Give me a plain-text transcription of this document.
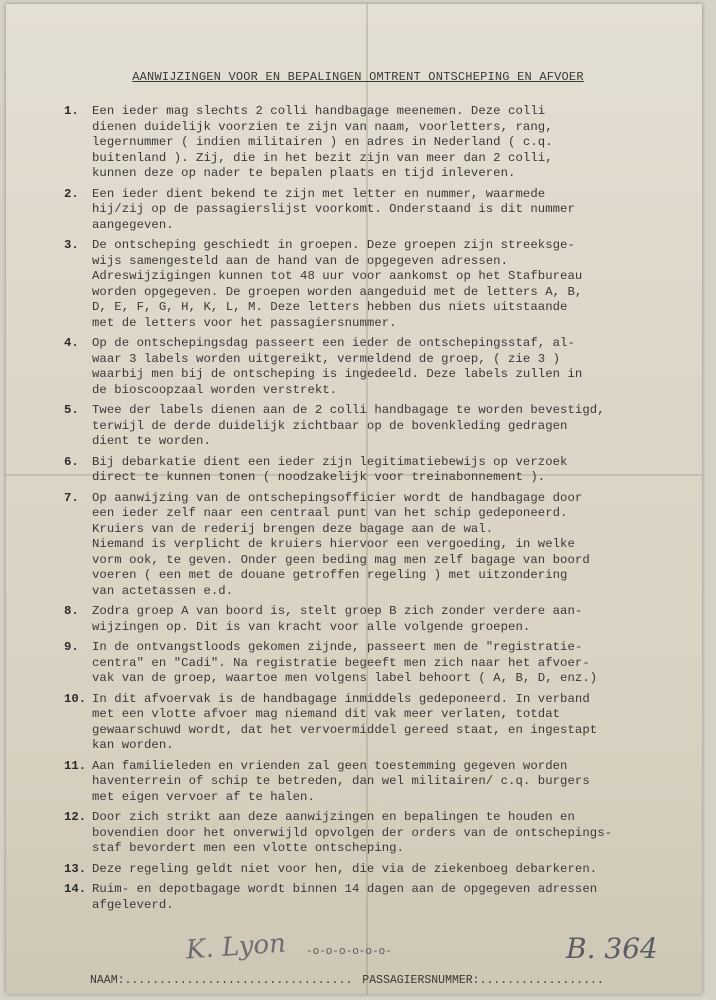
AANWIJZINGEN VOOR EN BEPALINGEN OMTRENT ONTSCHEPING EN AFVOER
1.	Een ieder mag slechts 2 colli handbagage meenemen. Deze colli
dienen duidelijk voorzien te zijn van naam, voorletters, rang,
legernummer ( indien militairen ) en adres in Nederland ( c.q.
buitenland ). Zij, die in het bezit zijn van meer dan 2 colli,
kunnen deze op nader te bepalen plaats en tijd inleveren.
2.	Een ieder dient bekend te zijn met letter en nummer, waarmede
hij/zij op de passagierslijst voorkomt. Onderstaand is dit nummer
aangegeven.
3.	De ontscheping geschiedt in groepen. Deze groepen zijn streeksge-
wijs samengesteld aan de hand van de opgegeven adressen.
Adreswijzigingen kunnen tot 48 uur voor aankomst op het Stafbureau
worden opgegeven. De groepen worden aangeduid met de letters A, B,
D, E, F, G, H, K, L, M. Deze letters hebben dus niets uitstaande
met de letters voor het passagiersnummer.
4.	Op de ontschepingsdag passeert een ieder de ontschepingsstaf, al-
waar 3 labels worden uitgereikt, vermeldend de groep, ( zie 3 )
waarbij men bij de ontscheping is ingedeeld. Deze labels zullen in
de bioscoopzaal worden verstrekt.
5.	Twee der labels dienen aan de 2 colli handbagage te worden bevestigd,
terwijl de derde duidelijk zichtbaar op de bovenkleding gedragen
dient te worden.
6.	Bij debarkatie dient een ieder zijn legitimatiebewijs op verzoek
direct te kunnen tonen ( noodzakelijk voor treinabonnement ).
7.	Op aanwijzing van de ontschepingsofficier wordt de handbagage door
een ieder zelf naar een centraal punt van het schip gedeponeerd.
Kruiers van de rederij brengen deze bagage aan de wal.
Niemand is verplicht de kruiers hiervoor een vergoeding, in welke
vorm ook, te geven. Onder geen beding mag men zelf bagage van boord
voeren ( een met de douane getroffen regeling ) met uitzondering
van actetassen e.d.
8.	Zodra groep A van boord is, stelt groep B zich zonder verdere aan-
wijzingen op. Dit is van kracht voor alle volgende groepen.
9.	In de ontvangstloods gekomen zijnde, passeert men de "registratie-
centra" en "Cadi". Na registratie begeeft men zich naar het afvoer-
vak van de groep, waartoe men volgens label behoort ( A, B, D, enz.)
10. In dit afvoervak is de handbagage inmiddels gedeponeerd. In verband
met een vlotte afvoer mag niemand dit vak meer verlaten, totdat
gewaarschuwd wordt, dat het vervoermiddel gereed staat, en ingestapt
kan worden.
11. Aan familieleden en vrienden zal geen toestemming gegeven worden
haventerrein of schip te betreden, dan wel militairen/ c.q. burgers
met eigen vervoer af te halen.
12. Door zich strikt aan deze aanwijzingen en bepalingen te houden en
bovendien door het onverwijld opvolgen der orders van de ontschepings-
staf bevordert men een vlotte ontscheping.
13. Deze regeling geldt niet voor hen, die via de ziekenboeg debarkeren.
14. Ruim- en depotbagage wordt binnen 14 dagen aan de opgegeven adressen
afgeleverd.
K. Lyon -o-o-o-o-o-o-	B. 364
NAAM:................................. PASSAGIERSNUMMER:..................
